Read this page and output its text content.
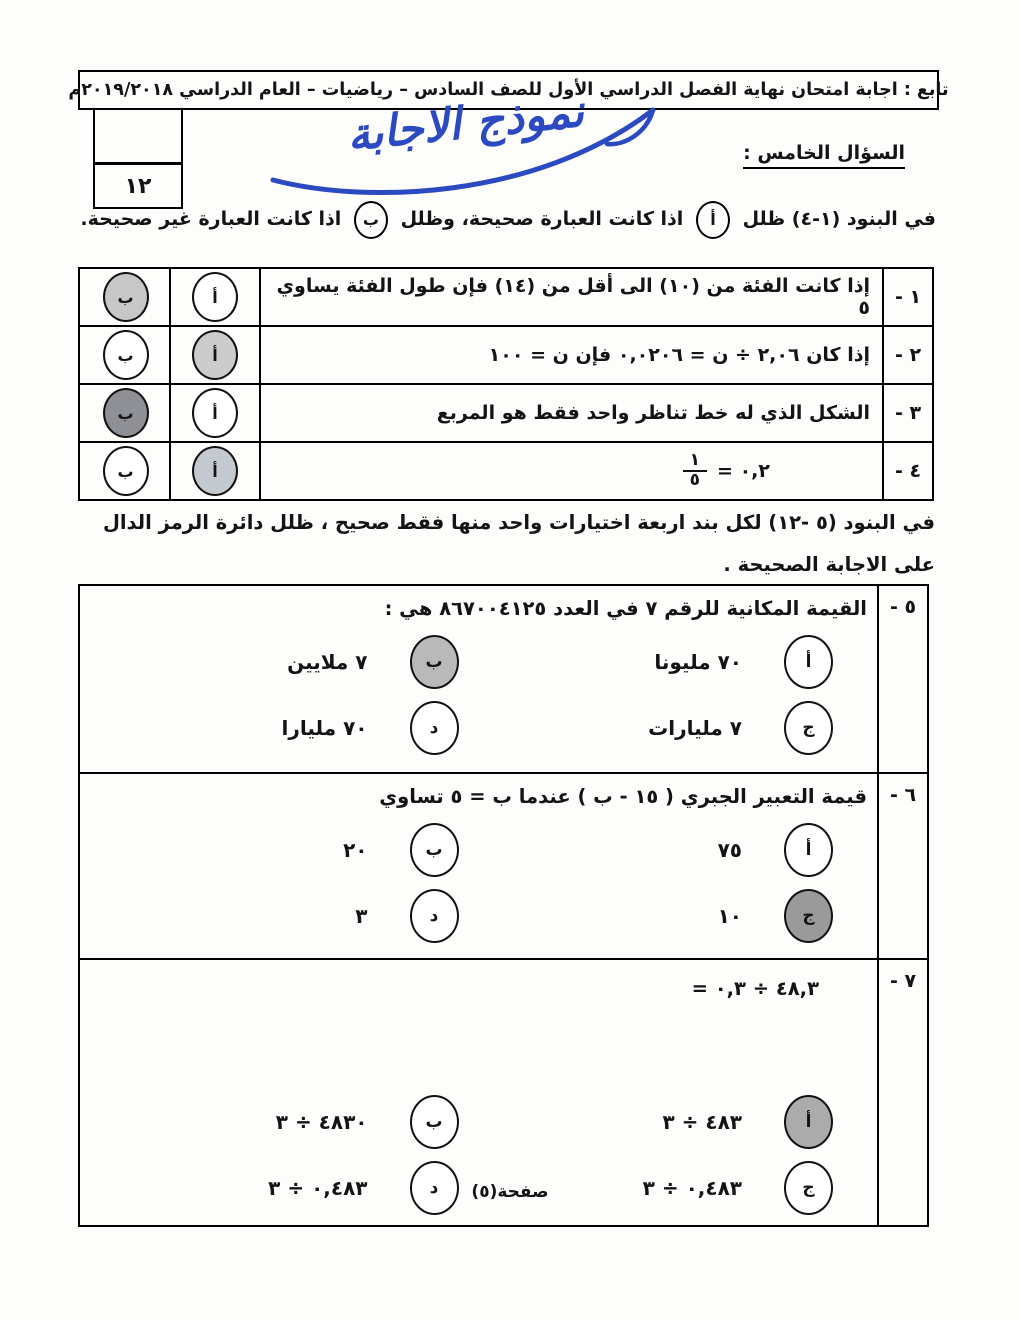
تابع : اجابة امتحان نهاية الفصل الدراسي الأول للصف السادس – رياضيات – العام الدراسي ٢٠١٩/٢٠١٨م
١٢
نموذج الاجابة	السؤال الخامس :
في البنود (١-٤) ظلل أ اذا كانت العبارة صحيحة، وظلل ب اذا كانت العبارة غير صحيحة.
١ -
إذا كانت الفئة من (١٠) الى أقل من (١٤) فإن طول الفئة يساوي ٥
أ
ب
٢ -
إذا كان ٢,٠٦ ÷ ن = ٠,٠٢٠٦ فإن ن = ١٠٠
أ
ب
٣ -
الشكل الذي له خط تناظر واحد فقط هو المربع
أ
ب
٤ -
٠,٢ =
$\frac{١}{٥}$
أ
ب
في البنود (٥ -١٢) لكل بند اربعة اختيارات واحد منها فقط صحيح ، ظلل دائرة الرمز الدال على الاجابة الصحيحة .
٥ -
القيمة المكانية للرقم ٧ في العدد ٨٦٧٠٠٤١٢٥ هي :
أ
٧٠ مليونا
ب
٧ ملايين
ج
٧ مليارات
د
٧٠ مليارا
٦ -
قيمة التعبير الجبري ( ١٥ - ب ) عندما ب = ٥ تساوي
أ
٧٥
ب
٢٠
ج
١٠
د
٣
٧ -
٤٨,٣ ÷ ٠,٣ =
أ
٤٨٣ ÷ ٣
ب
٤٨٣٠ ÷ ٣
ج
٠,٤٨٣ ÷ ٣
د
٠,٤٨٣ ÷ ٣	صفحة(٥)
